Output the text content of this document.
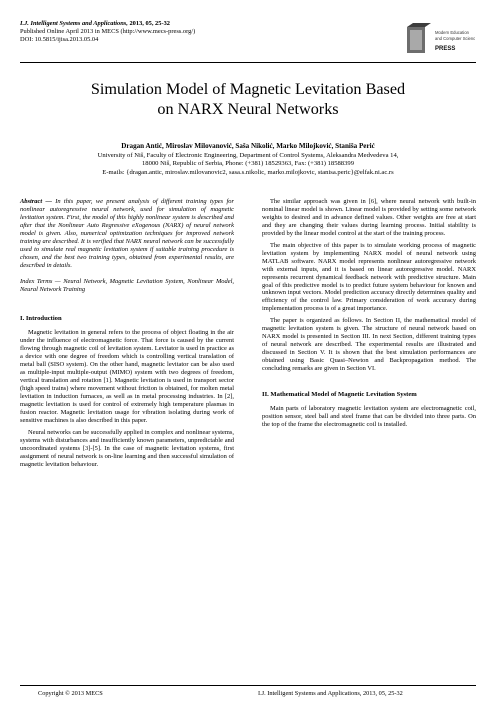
I.J. Intelligent Systems and Applications, 2013, 05, 25-32
Published Online April 2013 in MECS (http://www.mecs-press.org/)
DOI: 10.5815/ijisa.2013.05.04
Modern Education
and Computer Science
PRESS
Simulation Model of Magnetic Levitation Based
on NARX Neural Networks
Dragan Antić, Miroslav Milovanović, Saša Nikolić, Marko Milojković, Staniša Perić
University of Niš, Faculty of Electronic Engineering, Department of Control Systems, Aleksandra Medvedeva 14,
18000 Niš, Republic of Serbia, Phone: (+381) 18529363, Fax: (+381) 18588399
E-mails: {dragan.antic, miroslav.milovanovic2, sasa.s.nikolic, marko.milojkovic, stanisa.peric}@elfak.ni.ac.rs

Abstract — In this paper, we present analysis of different training types for nonlinear autoregressive neural network, used for simulation of magnetic levitation system. First, the model of this highly nonlinear system is described and after that the Nonlinear Auto Regressive eXogenous (NARX) of neural network model is given. Also, numerical optimization techniques for improved network training are described. It is verified that NARX neural network can be successfully used to simulate real magnetic levitation system if suitable training procedure is chosen, and the best two training types, obtained from experimental results, are described in details.

Index Terms — Neural Network, Magnetic Levitation System, Nonlinear Model, Neural Network Training

I. Introduction

Magnetic levitation in general refers to the process of object floating in the air under the influence of electromagnetic force. That force is caused by the current flowing through magnetic coil of levitation system. Levitator is used in practice as a device with one degree of freedom which is controlling vertical translation of metal ball (SISO system). On the other hand, magnetic levitator can be also used as multiple-input multiple-output (MIMO) system with two degrees of freedom, vertical translation and rotation [1]. Magnetic levitation is used in transport sector (high speed trains) where movement without friction is obtained, for molten metal levitation in induction furnaces, as well as in metal processing industries. In [2], magnetic levitation is used for control of extremely high temperature plasmas in fusion reactor. Magnetic levitation usage for vibration isolating during work of sensitive machines is also described in this paper.

Neural networks can be successfully applied in complex and nonlinear systems, systems with disturbances and insufficiently known parameters, unpredictable and uncoordinated systems [3]-[5]. In the case of magnetic levitation systems, first assignment of neural network is on-line learning and then successful simulation of magnetic levitation behaviour.

The similar approach was given in [6], where neural network with built-in nominal linear model is shown. Linear model is provided by setting some network weights to desired and in advance defined values. Other weights are free at start and they are changing their values during learning process. Initial stability is provided by the linear model control at the start of the training process.

The main objective of this paper is to simulate working process of magnetic levitation system by implementing NARX model of neural network using MATLAB software. NARX model represents nonlinear autoregressive network with external inputs, and it is based on linear autoregressive model. NARX represents recurrent dynamical feedback network with predictive structure. Main goal of this predictive model is to predict future system behaviour for known and unknown input vectors. Model prediction accuracy directly determines quality and efficiency of the control law. Primary consideration of work accuracy during implementation process is of a great importance.

The paper is organized as follows. In Section II, the mathematical model of magnetic levitation system is given. The structure of neural network based on NARX model is presented in Section III. In next Section, different training types of neural network are described. The experimental results are illustrated and discussed in Section V. It is shown that the best simulation performances are obtained using Basic Quasi–Newton and Backpropagation method. The concluding remarks are given in Section VI.

II. Mathematical Model of Magnetic Levitation System

Main parts of laboratory magnetic levitation system are electromagnetic coil, position sensor, steel ball and steel frame that can be divided into three parts. On the top of the frame the electromagnetic coil is installed.

Copyright © 2013 MECS	I.J. Intelligent Systems and Applications, 2013, 05, 25-32
